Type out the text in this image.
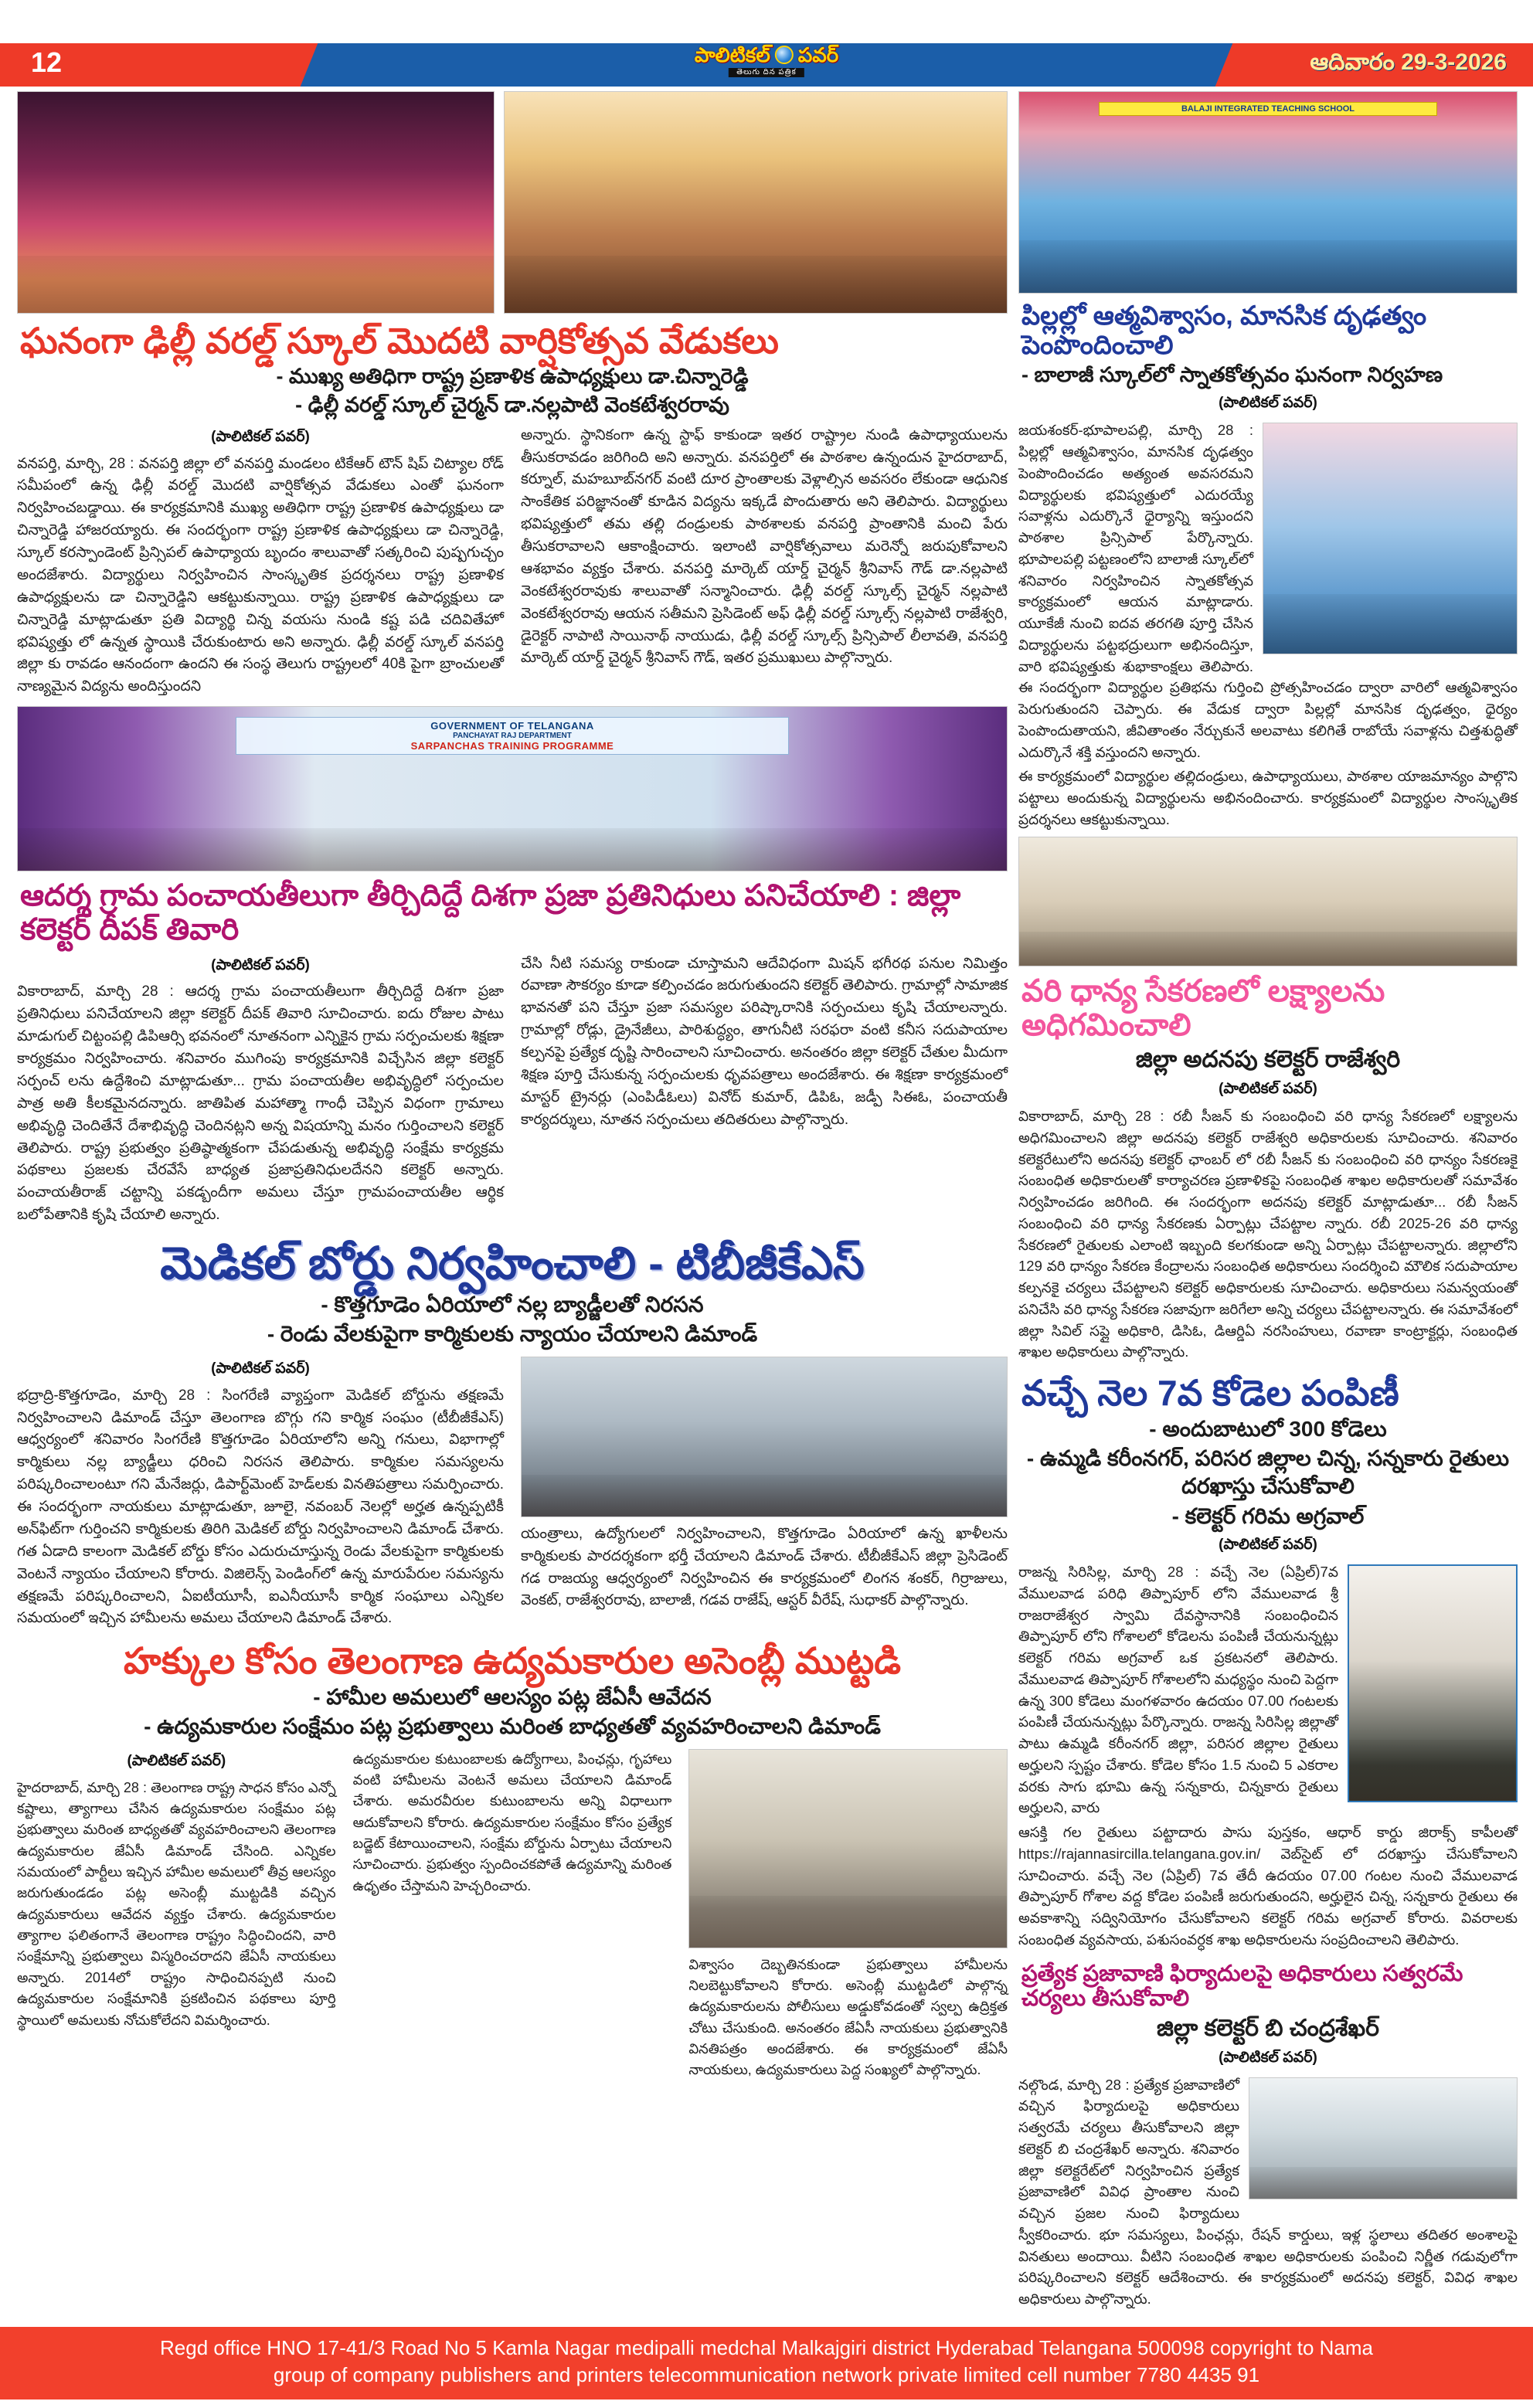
12	పాలిటికల్ పవర్
తెలుగు దిన పత్రిక	ఆదివారం 29-3-2026
ఘనంగా ఢిల్లీ వరల్డ్ స్కూల్ మొదటి వార్షికోత్సవ వేడుకలు
- ముఖ్య అతిధిగా రాష్ట్ర ప్రణాళిక ఉపాధ్యక్షులు డా.చిన్నారెడ్డి
- ఢిల్లీ వరల్డ్ స్కూల్ చైర్మన్ డా.నల్లపాటి వెంకటేశ్వరరావు
(పాలిటికల్ పవర్)

వనపర్తి, మార్చి, 28 : వనపర్తి జిల్లా లో వనపర్తి మండలం టికేఆర్ టౌన్ షిప్ చిట్యాల రోడ్ సమీపంలో ఉన్న ఢిల్లీ వరల్డ్ మొదటి వార్షికోత్సవ వేడుకలు ఎంతో ఘనంగా నిర్వహించబడ్డాయి. ఈ కార్యక్రమానికి ముఖ్య అతిధిగా రాష్ట్ర ప్రణాళిక ఉపాధ్యక్షులు డా చిన్నారెడ్డి హాజరయ్యారు. ఈ సందర్భంగా రాష్ట్ర ప్రణాళిక ఉపాధ్యక్షులు డా చిన్నారెడ్డి, స్కూల్ కరస్పాండెంట్ ప్రిన్సిపల్ ఉపాధ్యాయ బృందం శాలువాతో సత్కరించి పుష్పగుచ్చం అందజేశారు. విద్యార్థులు నిర్వహించిన సాంస్కృతిక ప్రదర్శనలు రాష్ట్ర ప్రణాళిక ఉపాధ్యక్షులను డా చిన్నారెడ్డిని ఆకట్టుకున్నాయి. రాష్ట్ర ప్రణాళిక ఉపాధ్యక్షులు డా చిన్నారెడ్డి మాట్లాడుతూ ప్రతి విద్యార్థి చిన్న వయసు నుండి కష్ట పడి చదివితేహో భవిష్యత్తు లో ఉన్నత స్థాయికి చేరుకుంటారు అని అన్నారు. ఢిల్లీ వరల్డ్ స్కూల్ వనపర్తి జిల్లా కు రావడం ఆనందంగా ఉందని ఈ సంస్థ తెలుగు రాష్ట్రలలో 40కి పైగా బ్రాంచులతో నాణ్యమైన విద్యను అందిస్తుందని

అన్నారు. స్థానికంగా ఉన్న స్టాఫ్ కాకుండా ఇతర రాష్ట్రాల నుండి ఉపాధ్యాయులను తీసుకరావడం జరిగింది అని అన్నారు. వనపర్తిలో ఈ పాఠశాల ఉన్నందున హైదరాబాద్, కర్నూల్, మహబూబ్‌నగర్ వంటి దూర ప్రాంతాలకు వెళ్లాల్సిన అవసరం లేకుండా ఆధునిక సాంకేతిక పరిజ్ఞానంతో కూడిన విద్యను ఇక్కడే పొందుతారు అని తెలిపారు. విద్యార్థులు భవిష్యత్తులో తమ తల్లి దండ్రులకు పాఠశాలకు వనపర్తి ప్రాంతానికి మంచి పేరు తీసుకరావాలని ఆకాంక్షించారు. ఇలాంటి వార్షికోత్సవాలు మరెన్నో జరుపుకోవాలని ఆశభావం వ్యక్తం చేశారు. వనపర్తి మార్కెట్ యార్డ్ చైర్మన్ శ్రీనివాస్ గౌడ్ డా.నల్లపాటి వెంకటేశ్వరరావుకు శాలువాతో సన్మానించారు. ఢిల్లీ వరల్డ్ స్కూల్స్ చైర్మన్ నల్లపాటి వెంకటేశ్వరరావు ఆయన సతీమని ప్రెసిడెంట్ అఫ్ ఢిల్లీ వరల్డ్ స్కూల్స్ నల్లపాటి రాజేశ్వరి, డైరెక్టర్ నాపాటి సాయినాథ్ నాయుడు, ఢిల్లీ వరల్డ్ స్కూల్స్ ప్రిన్సిపాల్ లీలావతి, వనపర్తి మార్కెట్ యార్డ్ చైర్మన్ శ్రీనివాస్ గౌడ్, ఇతర ప్రముఖులు పాల్గొన్నారు.

GOVERNMENT OF TELANGANA
PANCHAYAT RAJ DEPARTMENT
SARPANCHAS TRAINING PROGRAMME
ఆదర్శ గ్రామ పంచాయతీలుగా తీర్చిదిద్దే దిశగా ప్రజా ప్రతినిధులు పనిచేయాలి : జిల్లా కలెక్టర్ దీపక్ తివారి
(పాలిటికల్ పవర్)

వికారాబాద్, మార్చి 28 : ఆదర్శ గ్రామ పంచాయతీలుగా తీర్చిదిద్దే దిశగా ప్రజా ప్రతినిధులు పనిచేయాలని జిల్లా కలెక్టర్ దీపక్ తివారి సూచించారు. ఐదు రోజుల పాటు మాడుగుల్ చిట్టంపల్లి డిపిఆర్సి భవనంలో నూతనంగా ఎన్నికైన గ్రామ సర్పంచులకు శిక్షణా కార్యక్రమం నిర్వహించారు. శనివారం ముగింపు కార్యక్రమానికి విచ్చేసిన జిల్లా కలెక్టర్ సర్పంచ్ లను ఉద్దేశించి మాట్లాడుతూ... గ్రామ పంచాయతీల అభివృద్ధిలో సర్పంచుల పాత్ర అతి కీలకమైనదన్నారు. జాతిపిత మహాత్మా గాంధీ చెప్పిన విధంగా గ్రామాలు అభివృద్ధి చెందితేనే దేశాభివృద్ధి చెందినట్లని అన్న విషయాన్ని మనం గుర్తించాలని కలెక్టర్ తెలిపారు. రాష్ట్ర ప్రభుత్వం ప్రతిష్ఠాత్మకంగా చేపడుతున్న అభివృద్ధి సంక్షేమ కార్యక్రమ పథకాలు ప్రజలకు చేరవేసే బాధ్యత ప్రజాప్రతినిధులదేనని కలెక్టర్ అన్నారు. పంచాయతీరాజ్ చట్టాన్ని పకడ్బందీగా అమలు చేస్తూ గ్రామపంచాయతీల ఆర్థిక బలోపేతానికి కృషి చేయాలి అన్నారు.

చేసి నీటి సమస్య రాకుండా చూస్తామని ఆదేవిధంగా మిషన్ భగీరథ పనుల నిమిత్తం రవాణా సౌకర్యం కూడా కల్పించడం జరుగుతుందని కలెక్టర్ తెలిపారు. గ్రామాల్లో సామాజిక భావనతో పని చేస్తూ ప్రజా సమస్యల పరిష్కారానికి సర్పంచులు కృషి చేయాలన్నారు. గ్రామాల్లో రోడ్లు, డ్రైనేజీలు, పారిశుద్ధ్యం, తాగునీటి సరఫరా వంటి కనీస సదుపాయాల కల్పనపై ప్రత్యేక దృష్టి సారించాలని సూచించారు. అనంతరం జిల్లా కలెక్టర్ చేతుల మీదుగా శిక్షణ పూర్తి చేసుకున్న సర్పంచులకు ధృవపత్రాలు అందజేశారు. ఈ శిక్షణా కార్యక్రమంలో మాస్టర్ ట్రైనర్లు (ఎంపిడీఓలు) వినోద్ కుమార్, డిపిఓ, జడ్పీ సిఈఓ, పంచాయతీ కార్యదర్శులు, నూతన సర్పంచులు తదితరులు పాల్గొన్నారు.

మెడికల్ బోర్డు నిర్వహించాలి - టిబీజీకేఎస్
- కొత్తగూడెం ఏరియాలో నల్ల బ్యాడ్జీలతో నిరసన
- రెండు వేలకుపైగా కార్మికులకు న్యాయం చేయాలని డిమాండ్
(పాలిటికల్ పవర్)

భద్రాద్రి-కొత్తగూడెం, మార్చి 28 : సింగరేణి వ్యాప్తంగా మెడికల్ బోర్డును తక్షణమే నిర్వహించాలని డిమాండ్ చేస్తూ తెలంగాణ బొగ్గు గని కార్మిక సంఘం (టీబీజీకేఎస్) ఆధ్వర్యంలో శనివారం సింగరేణి కొత్తగూడెం ఏరియాలోని అన్ని గనులు, విభాగాల్లో కార్మికులు నల్ల బ్యాడ్జీలు ధరించి నిరసన తెలిపారు. కార్మికుల సమస్యలను పరిష్కరించాలంటూ గని మేనేజర్లు, డిపార్ట్‌మెంట్ హెడ్‌లకు వినతిపత్రాలు సమర్పించారు. ఈ సందర్భంగా నాయకులు మాట్లాడుతూ, జూలై, నవంబర్ నెలల్లో అర్హత ఉన్నప్పటికీ అన్‌ఫిట్‌గా గుర్తించని కార్మికులకు తిరిగి మెడికల్ బోర్డు నిర్వహించాలని డిమాండ్ చేశారు. గత ఏడాది కాలంగా మెడికల్ బోర్డు కోసం ఎదురుచూస్తున్న రెండు వేలకుపైగా కార్మికులకు వెంటనే న్యాయం చేయాలని కోరారు. విజిలెన్స్ పెండింగ్‌లో ఉన్న మారుపేరుల సమస్యను తక్షణమే పరిష్కరించాలని, ఏఐటీయూసీ, ఐఎనీయూసీ కార్మిక సంఘాలు ఎన్నికల సమయంలో ఇచ్చిన హామీలను అమలు చేయాలని డిమాండ్ చేశారు.

యంత్రాలు, ఉద్యోగులలో నిర్వహించాలని, కొత్తగూడెం ఏరియాలో ఉన్న ఖాళీలను కార్మికులకు పారదర్శకంగా భర్తీ చేయాలని డిమాండ్ చేశారు. టీబీజీకేఎస్ జిల్లా ప్రెసిడెంట్ గడ రాజయ్య ఆధ్వర్యంలో నిర్వహించిన ఈ కార్యక్రమంలో లింగన శంకర్, గిర్రాజులు, వెంకట్, రాజేశ్వరరావు, బాలాజీ, గడవ రాజేష్, ఆస్టర్ వీరేష్, సుధాకర్ పాల్గొన్నారు.

హక్కుల కోసం తెలంగాణ ఉద్యమకారుల అసెంబ్లీ ముట్టడి
- హామీల అమలులో ఆలస్యం పట్ల జేఏసీ ఆవేదన
- ఉద్యమకారుల సంక్షేమం పట్ల ప్రభుత్వాలు మరింత బాధ్యతతో వ్యవహరించాలని డిమాండ్
(పాలిటికల్ పవర్)

హైదరాబాద్, మార్చి 28 : తెలంగాణ రాష్ట్ర సాధన కోసం ఎన్నో కష్టాలు, త్యాగాలు చేసిన ఉద్యమకారుల సంక్షేమం పట్ల ప్రభుత్వాలు మరింత బాధ్యతతో వ్యవహరించాలని తెలంగాణ ఉద్యమకారుల జేఏసీ డిమాండ్ చేసింది. ఎన్నికల సమయంలో పార్టీలు ఇచ్చిన హామీల అమలులో తీవ్ర ఆలస్యం జరుగుతుండడం పట్ల అసెంబ్లీ ముట్టడికి వచ్చిన ఉద్యమకారులు ఆవేదన వ్యక్తం చేశారు. ఉద్యమకారుల త్యాగాల ఫలితంగానే తెలంగాణ రాష్ట్రం సిద్ధించిందని, వారి సంక్షేమాన్ని ప్రభుత్వాలు విస్మరించరాదని జేఏసీ నాయకులు అన్నారు. 2014లో రాష్ట్రం సాధించినప్పటి నుంచి ఉద్యమకారుల సంక్షేమానికి ప్రకటించిన పథకాలు పూర్తి స్థాయిలో అమలుకు నోచుకోలేదని విమర్శించారు.

ఉద్యమకారుల కుటుంబాలకు ఉద్యోగాలు, పింఛన్లు, గృహాలు వంటి హామీలను వెంటనే అమలు చేయాలని డిమాండ్ చేశారు. అమరవీరుల కుటుంబాలను అన్ని విధాలుగా ఆదుకోవాలని కోరారు. ఉద్యమకారుల సంక్షేమం కోసం ప్రత్యేక బడ్జెట్ కేటాయించాలని, సంక్షేమ బోర్డును ఏర్పాటు చేయాలని సూచించారు. ప్రభుత్వం స్పందించకపోతే ఉద్యమాన్ని మరింత ఉధృతం చేస్తామని హెచ్చరించారు.

విశ్వాసం దెబ్బతినకుండా ప్రభుత్వాలు హామీలను నిలబెట్టుకోవాలని కోరారు. అసెంబ్లీ ముట్టడిలో పాల్గొన్న ఉద్యమకారులను పోలీసులు అడ్డుకోవడంతో స్వల్ప ఉద్రిక్తత చోటు చేసుకుంది. అనంతరం జేఏసీ నాయకులు ప్రభుత్వానికి వినతిపత్రం అందజేశారు. ఈ కార్యక్రమంలో జేఏసీ నాయకులు, ఉద్యమకారులు పెద్ద సంఖ్యలో పాల్గొన్నారు.

BALAJI INTEGRATED TEACHING SCHOOL
పిల్లల్లో ఆత్మవిశ్వాసం, మానసిక దృఢత్వం పెంపొందించాలి
- బాలాజీ స్కూల్‌లో స్నాతకోత్సవం ఘనంగా నిర్వహణ
(పాలిటికల్ పవర్)

జయశంకర్-భూపాలపల్లి, మార్చి 28 : పిల్లల్లో ఆత్మవిశ్వాసం, మానసిక దృఢత్వం పెంపొందించడం అత్యంత అవసరమని విద్యార్థులకు భవిష్యత్తులో ఎదురయ్యే సవాళ్లను ఎదుర్కొనే ధైర్యాన్ని ఇస్తుందని పాఠశాల ప్రిన్సిపాల్ పేర్కొన్నారు. భూపాలపల్లి పట్టణంలోని బాలాజీ స్కూల్‌లో శనివారం నిర్వహించిన స్నాతకోత్సవ కార్యక్రమంలో ఆయన మాట్లాడారు. యూకేజీ నుంచి ఐదవ తరగతి పూర్తి చేసిన విద్యార్థులను పట్టభద్రులుగా అభినందిస్తూ, వారి భవిష్యత్తుకు శుభాకాంక్షలు తెలిపారు. ఈ సందర్భంగా విద్యార్థుల ప్రతిభను గుర్తించి ప్రోత్సహించడం ద్వారా వారిలో ఆత్మవిశ్వాసం పెరుగుతుందని చెప్పారు. ఈ వేడుక ద్వారా పిల్లల్లో మానసిక దృఢత్వం, ధైర్యం పెంపొందుతాయని, జీవితాంతం నేర్చుకునే అలవాటు కలిగితే రాబోయే సవాళ్లను చిత్తశుద్ధితో ఎదుర్కొనే శక్తి వస్తుందని అన్నారు.

ఈ కార్యక్రమంలో విద్యార్థుల తల్లిదండ్రులు, ఉపాధ్యాయులు, పాఠశాల యాజమాన్యం పాల్గొని పట్టాలు అందుకున్న విద్యార్థులను అభినందించారు. కార్యక్రమంలో విద్యార్థుల సాంస్కృతిక ప్రదర్శనలు ఆకట్టుకున్నాయి.

వరి ధాన్య సేకరణలో లక్ష్యాలను అధిగమించాలి
జిల్లా అదనపు కలెక్టర్ రాజేశ్వరి
(పాలిటికల్ పవర్)

వికారాబాద్, మార్చి 28 : రబీ సీజన్ కు సంబంధించి వరి ధాన్య సేకరణలో లక్ష్యాలను అధిగమించాలని జిల్లా అదనపు కలెక్టర్ రాజేశ్వరి అధికారులకు సూచించారు. శనివారం కలెక్టరేటులోని అదనపు కలెక్టర్ ఛాంబర్ లో రబీ సీజన్ కు సంబంధించి వరి ధాన్యం సేకరణకై సంబంధిత అధికారులతో కార్యాచరణ ప్రణాళికపై సంబంధిత శాఖల అధికారులతో సమావేశం నిర్వహించడం జరిగింది. ఈ సందర్భంగా అదనపు కలెక్టర్ మాట్లాడుతూ... రబీ సీజన్ సంబంధించి వరి ధాన్య సేకరణకు ఏర్పాట్లు చేపట్టాల న్నారు. రబీ 2025-26 వరి ధాన్య సేకరణలో రైతులకు ఎలాంటి ఇబ్బంది కలగకుండా అన్ని ఏర్పాట్లు చేపట్టాలన్నారు. జిల్లాలోని 129 వరి ధాన్యం సేకరణ కేంద్రాలను సంబంధిత అధికారులు సందర్శించి మౌలిక సదుపాయాల కల్పనకై చర్యలు చేపట్టాలని కలెక్టర్ అధికారులకు సూచించారు. అధికారులు సమన్వయంతో పనిచేసి వరి ధాన్య సేకరణ సజావుగా జరిగేలా అన్ని చర్యలు చేపట్టాలన్నారు. ఈ సమావేశంలో జిల్లా సివిల్ సప్లై అధికారి, డిసిఓ, డిఆర్డిఏ నరసింహులు, రవాణా కాంట్రాక్టర్లు, సంబంధిత శాఖల అధికారులు పాల్గొన్నారు.

వచ్చే నెల 7వ కోడెల పంపిణీ
- అందుబాటులో 300 కోడెలు
- ఉమ్మడి కరీంనగర్, పరిసర జిల్లాల చిన్న, సన్నకారు రైతులు దరఖాస్తు చేసుకోవాలి
- కలెక్టర్ గరిమ అగ్రవాల్
(పాలిటికల్ పవర్)

రాజన్న సిరిసిల్ల, మార్చి 28 : వచ్చే నెల (ఏప్రిల్)7వ వేములవాడ పరిధి తిప్పాపూర్ లోని వేములవాడ శ్రీ రాజరాజేశ్వర స్వామి దేవస్థానానికి సంబంధించిన తిప్పాపూర్ లోని గోశాలలో కోడెలను పంపిణీ చేయనున్నట్లు కలెక్టర్ గరిమ అగ్రవాల్ ఒక ప్రకటనలో తెలిపారు. వేములవాడ తిప్పాపూర్ గోశాలలోని మధ్యస్థం నుంచి పెద్దగా ఉన్న 300 కోడెలు మంగళవారం ఉదయం 07.00 గంటలకు పంపిణీ చేయనున్నట్లు పేర్కొన్నారు. రాజన్న సిరిసిల్ల జిల్లాతో పాటు ఉమ్మడి కరీంనగర్ జిల్లా, పరిసర జిల్లాల రైతులు అర్హులని స్పష్టం చేశారు. కోడెల కోసం 1.5 నుంచి 5 ఎకరాల వరకు సాగు భూమి ఉన్న సన్నకారు, చిన్నకారు రైతులు అర్హులని, వారు

ఆసక్తి గల రైతులు పట్టాదారు పాసు పుస్తకం, ఆధార్ కార్డు జిరాక్స్ కాపీలతో https://rajannasircilla.telangana.gov.in/ వెబ్‌సైట్ లో దరఖాస్తు చేసుకోవాలని సూచించారు. వచ్చే నెల (ఏప్రిల్) 7వ తేదీ ఉదయం 07.00 గంటల నుంచి వేములవాడ తిప్పాపూర్ గోశాల వద్ద కోడెల పంపిణీ జరుగుతుందని, అర్హులైన చిన్న, సన్నకారు రైతులు ఈ అవకాశాన్ని సద్వినియోగం చేసుకోవాలని కలెక్టర్ గరిమ అగ్రవాల్ కోరారు. వివరాలకు సంబంధిత వ్యవసాయ, పశుసంవర్ధక శాఖ అధికారులను సంప్రదించాలని తెలిపారు.

ప్రత్యేక ప్రజావాణి ఫిర్యాదులపై అధికారులు సత్వరమే చర్యలు తీసుకోవాలి
జిల్లా కలెక్టర్ బి చంద్రశేఖర్
(పాలిటికల్ పవర్)

నల్గొండ, మార్చి 28 : ప్రత్యేక ప్రజావాణిలో వచ్చిన ఫిర్యాదులపై అధికారులు సత్వరమే చర్యలు తీసుకోవాలని జిల్లా కలెక్టర్ బి చంద్రశేఖర్ అన్నారు. శనివారం జిల్లా కలెక్టరేట్‌లో నిర్వహించిన ప్రత్యేక ప్రజావాణిలో వివిధ ప్రాంతాల నుంచి వచ్చిన ప్రజల నుంచి ఫిర్యాదులు స్వీకరించారు. భూ సమస్యలు, పింఛన్లు, రేషన్ కార్డులు, ఇళ్ల స్థలాలు తదితర అంశాలపై వినతులు అందాయి. వీటిని సంబంధిత శాఖల అధికారులకు పంపించి నిర్ణీత గడువులోగా పరిష్కరించాలని కలెక్టర్ ఆదేశించారు. ఈ కార్యక్రమంలో అదనపు కలెక్టర్, వివిధ శాఖల అధికారులు పాల్గొన్నారు.

Regd office HNO 17-41/3 Road No 5 Kamla Nagar medipalli medchal Malkajgiri district Hyderabad Telangana 500098 copyright to Nama
group of company publishers and printers telecommunication network private limited cell number 7780 4435 91
